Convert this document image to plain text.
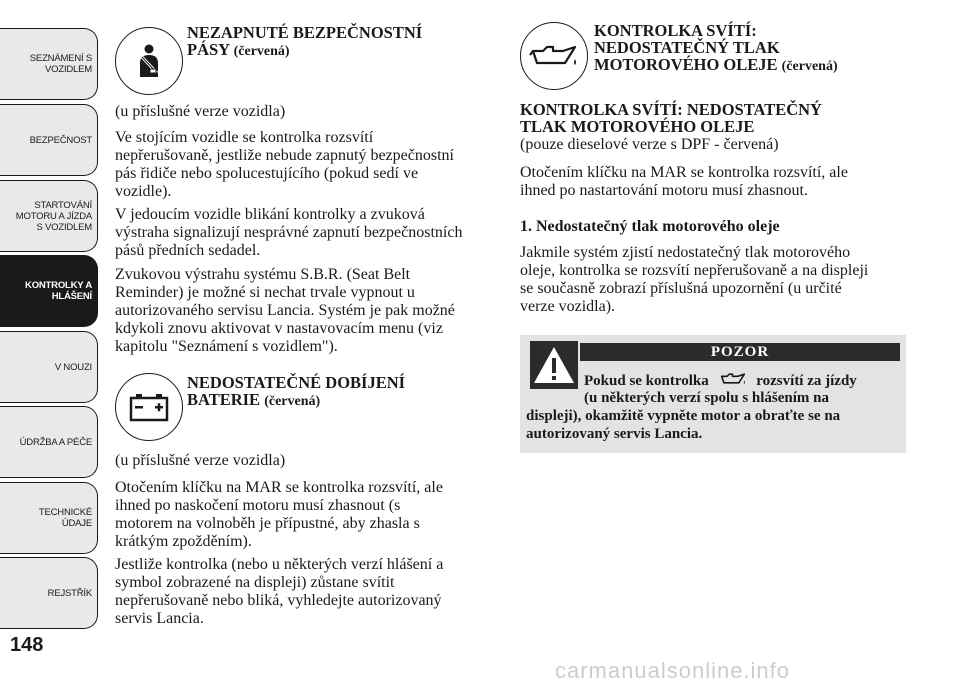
SEZNÁMENÍ S
VOZIDLEM
BEZPEČNOST
STARTOVÁNÍ
MOTORU A JÍZDA
S VOZIDLEM
KONTROLKY A
HLÁŠENÍ
V NOUZI
ÚDRŽBA A PÉČE
TECHNICKÉ
ÚDAJE
REJSTŘÍK
148
NEZAPNUTÉ BEZPEČNOSTNÍ
PÁSY (červená)

(u příslušné verze vozidla)

Ve stojícím vozidle se kontrolka rozsvítí
nepřerušovaně, jestliže nebude zapnutý bezpečnostní
pás řidiče nebo spolucestujícího (pokud sedí ve
vozidle).

V jedoucím vozidle blikání kontrolky a zvuková
výstraha signalizují nesprávné zapnutí bezpečnostních
pásů předních sedadel.

Zvukovou výstrahu systému S.B.R. (Seat Belt
Reminder) je možné si nechat trvale vypnout u
autorizovaného servisu Lancia. Systém je pak možné
kdykoli znovu aktivovat v nastavovacím menu (viz
kapitolu "Seznámení s vozidlem").

NEDOSTATEČNÉ DOBÍJENÍ
BATERIE (červená)

(u příslušné verze vozidla)

Otočením klíčku na MAR se kontrolka rozsvítí, ale
ihned po naskočení motoru musí zhasnout (s
motorem na volnoběh je přípustné, aby zhasla s
krátkým zpožděním).

Jestliže kontrolka (nebo u některých verzí hlášení a
symbol zobrazené na displeji) zůstane svítit
nepřerušovaně nebo bliká, vyhledejte autorizovaný
servis Lancia.

KONTROLKA SVÍTÍ:
NEDOSTATEČNÝ TLAK
MOTOROVÉHO OLEJE (červená)
KONTROLKA SVÍTÍ: NEDOSTATEČNÝ
TLAK MOTOROVÉHO OLEJE

(pouze dieselové verze s DPF - červená)

Otočením klíčku na MAR se kontrolka rozsvítí, ale
ihned po nastartování motoru musí zhasnout.

1. Nedostatečný tlak motorového oleje

Jakmile systém zjistí nedostatečný tlak motorového
oleje, kontrolka se rozsvítí nepřerušovaně a na displeji
se současně zobrazí příslušná upozornění (u určité
verze vozidla).

POZOR
Pokud se kontrolka	rozsvítí za jízdy
(u některých verzí spolu s hlášením na
displeji), okamžitě vypněte motor a obraťte se na
autorizovaný servis Lancia.
carmanualsonline.info
